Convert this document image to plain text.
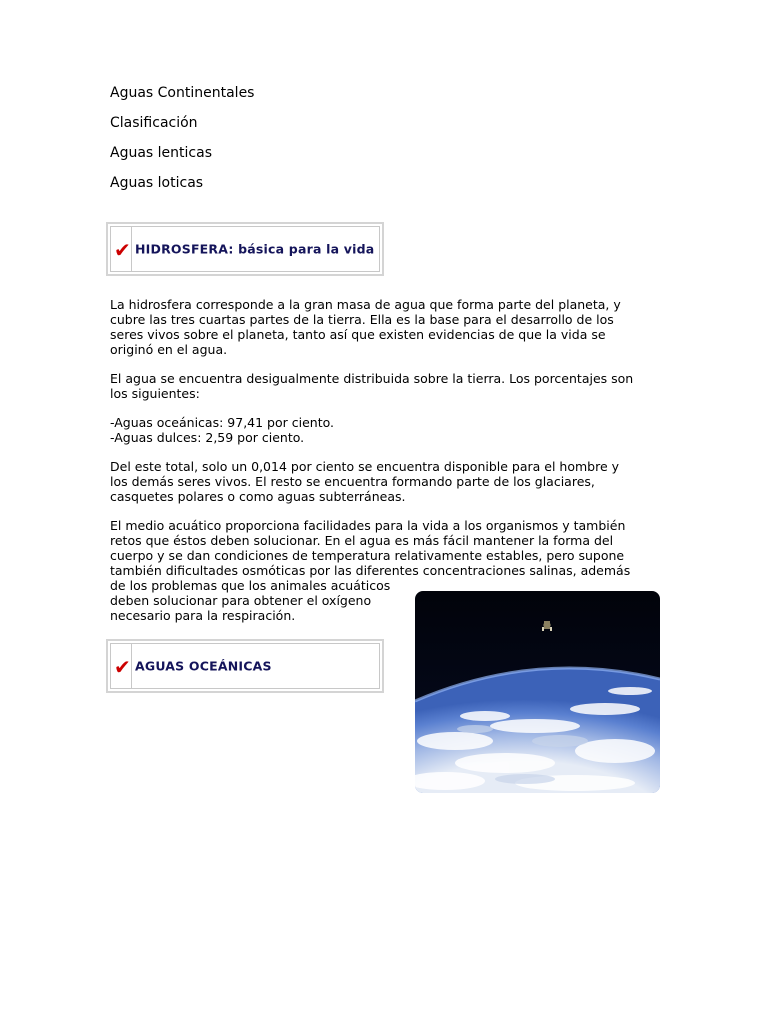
Aguas Continentales
Clasificación
Aguas lenticas
Aguas loticas
✔ HIDROSFERA: básica para la vida

La hidrosfera corresponde a la gran masa de agua que forma parte del planeta, y
cubre las tres cuartas partes de la tierra. Ella es la base para el desarrollo de los
seres vivos sobre el planeta, tanto así que existen evidencias de que la vida se
originó en el agua.

El agua se encuentra desigualmente distribuida sobre la tierra. Los porcentajes son
los siguientes:

-Aguas oceánicas: 97,41 por ciento.
-Aguas dulces: 2,59 por ciento.

Del este total, solo un 0,014 por ciento se encuentra disponible para el hombre y
los demás seres vivos. El resto se encuentra formando parte de los glaciares,
casquetes polares o como aguas subterráneas.

El medio acuático proporciona facilidades para la vida a los organismos y también
retos que éstos deben solucionar. En el agua es más fácil mantener la forma del
cuerpo y se dan condiciones de temperatura relativamente estables, pero supone
también dificultades osmóticas por las diferentes concentraciones salinas, además
de los problemas que los animales acuáticos
deben solucionar para obtener el oxígeno
necesario para la respiración.

✔ AGUAS OCEÁNICAS
